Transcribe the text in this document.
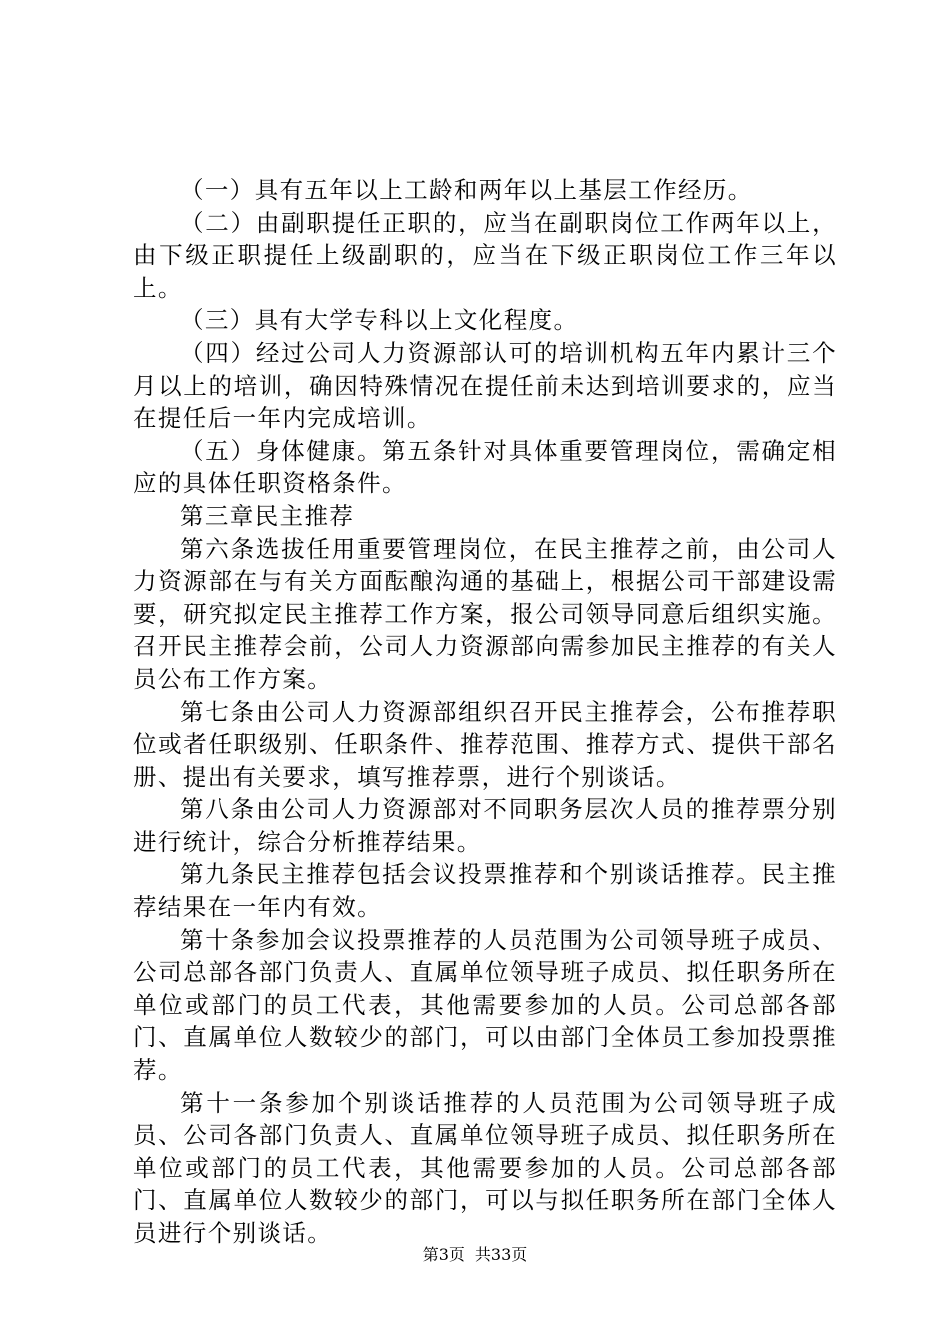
（一）具有五年以上工龄和两年以上基层工作经历。

（二）由副职提任正职的，应当在副职岗位工作两年以上，由下级正职提任上级副职的，应当在下级正职岗位工作三年以上。

（三）具有大学专科以上文化程度。

（四）经过公司人力资源部认可的培训机构五年内累计三个月以上的培训，确因特殊情况在提任前未达到培训要求的，应当在提任后一年内完成培训。

（五）身体健康。第五条针对具体重要管理岗位，需确定相应的具体任职资格条件。

第三章民主推荐

第六条选拔任用重要管理岗位，在民主推荐之前，由公司人力资源部在与有关方面酝酿沟通的基础上，根据公司干部建设需要，研究拟定民主推荐工作方案，报公司领导同意后组织实施。召开民主推荐会前，公司人力资源部向需参加民主推荐的有关人员公布工作方案。

第七条由公司人力资源部组织召开民主推荐会，公布推荐职位或者任职级别、任职条件、推荐范围、推荐方式、提供干部名册、提出有关要求，填写推荐票，进行个别谈话。

第八条由公司人力资源部对不同职务层次人员的推荐票分别进行统计，综合分析推荐结果。

第九条民主推荐包括会议投票推荐和个别谈话推荐。民主推荐结果在一年内有效。

第十条参加会议投票推荐的人员范围为公司领导班子成员、公司总部各部门负责人、直属单位领导班子成员、拟任职务所在单位或部门的员工代表，其他需要参加的人员。公司总部各部门、直属单位人数较少的部门，可以由部门全体员工参加投票推荐。

第十一条参加个别谈话推荐的人员范围为公司领导班子成员、公司各部门负责人、直属单位领导班子成员、拟任职务所在单位或部门的员工代表，其他需要参加的人员。公司总部各部门、直属单位人数较少的部门，可以与拟任职务所在部门全体人员进行个别谈话。

第3页 共33页
